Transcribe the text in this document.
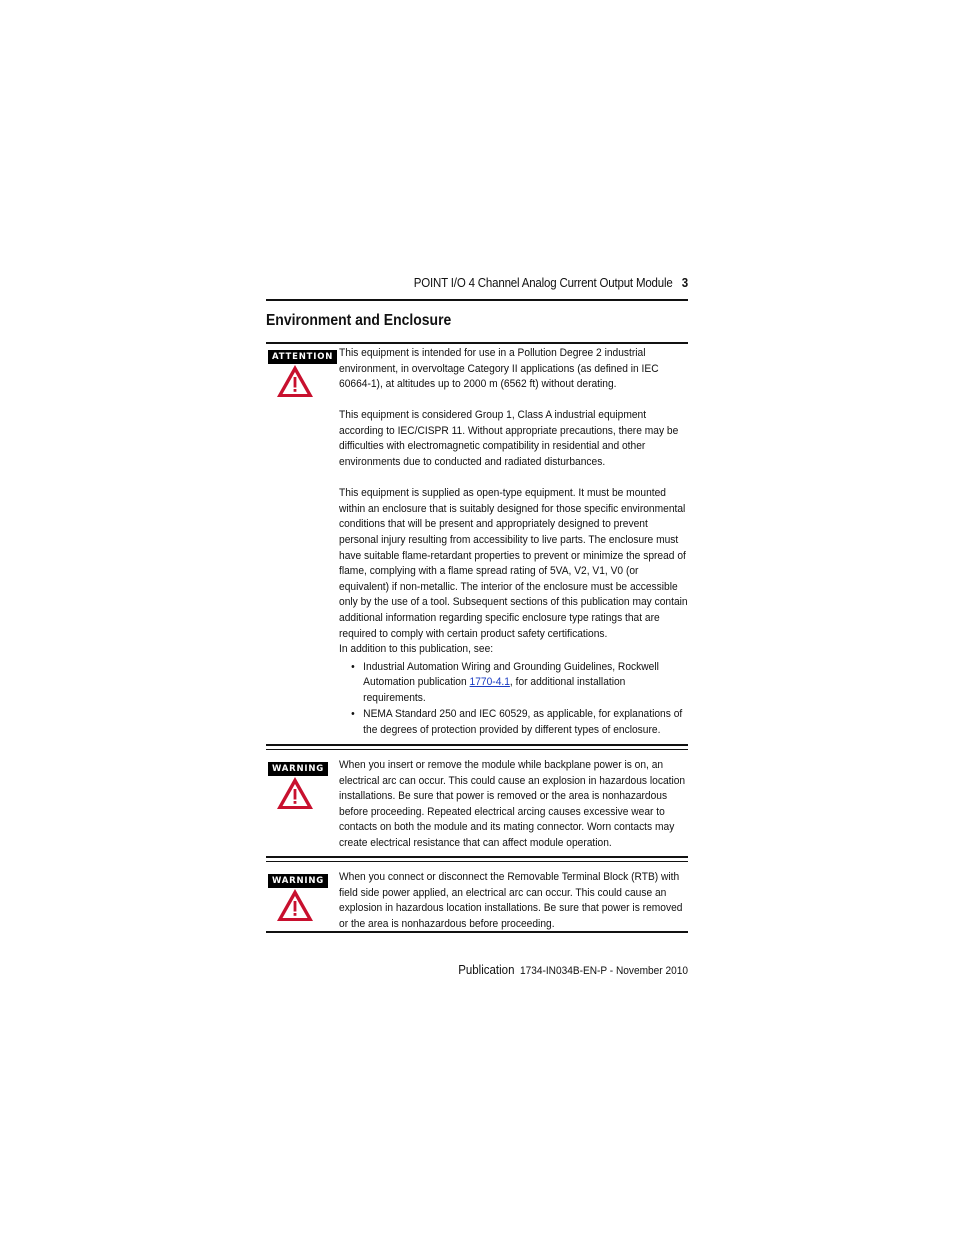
POINT I/O 4 Channel Analog Current Output Module 3
Environment and Enclosure
ATTENTION This equipment is intended for use in a Pollution Degree 2 industrial environment, in overvoltage Category II applications (as defined in IEC 60664-1), at altitudes up to 2000 m (6562 ft) without derating.

This equipment is considered Group 1, Class A industrial equipment according to IEC/CISPR 11. Without appropriate precautions, there may be difficulties with electromagnetic compatibility in residential and other environments due to conducted and radiated disturbances.

This equipment is supplied as open-type equipment. It must be mounted within an enclosure that is suitably designed for those specific environmental conditions that will be present and appropriately designed to prevent personal injury resulting from accessibility to live parts. The enclosure must have suitable flame-retardant properties to prevent or minimize the spread of flame, complying with a flame spread rating of 5VA, V2, V1, V0 (or equivalent) if non-metallic. The interior of the enclosure must be accessible only by the use of a tool. Subsequent sections of this publication may contain additional information regarding specific enclosure type ratings that are required to comply with certain product safety certifications.

In addition to this publication, see:

• Industrial Automation Wiring and Grounding Guidelines, Rockwell Automation publication 1770-4.1, for additional installation requirements.
• NEMA Standard 250 and IEC 60529, as applicable, for explanations of the degrees of protection provided by different types of enclosure.
WARNING	When you insert or remove the module while backplane power is on, an electrical arc can occur. This could cause an explosion in hazardous location installations. Be sure that power is removed or the area is nonhazardous before proceeding. Repeated electrical arcing causes excessive wear to contacts on both the module and its mating connector. Worn contacts may create electrical resistance that can affect module operation.

WARNING	When you connect or disconnect the Removable Terminal Block (RTB) with field side power applied, an electrical arc can occur. This could cause an explosion in hazardous location installations. Be sure that power is removed or the area is nonhazardous before proceeding.

Publication 1734-IN034B-EN-P - November 2010
